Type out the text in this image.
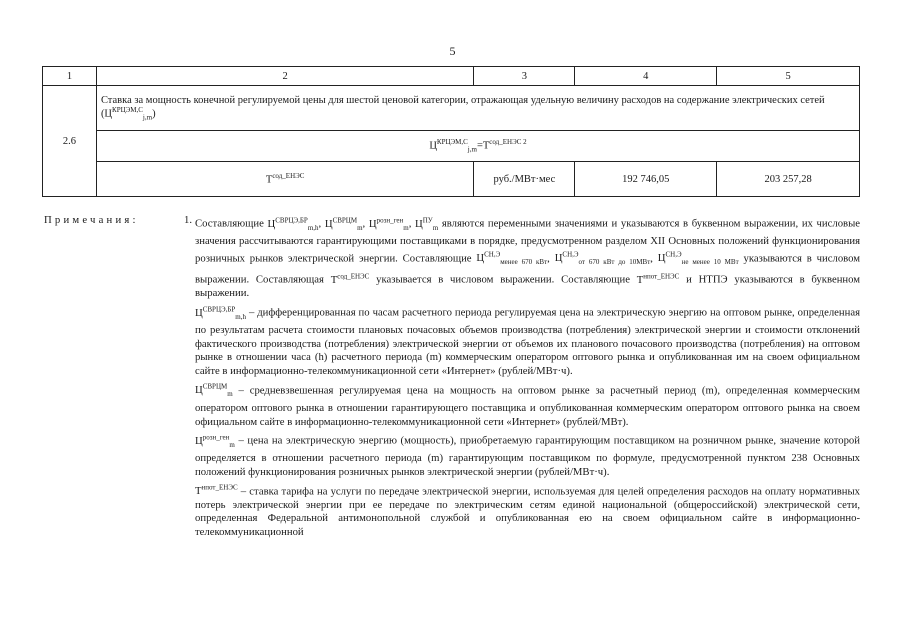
5
1	2	3	4	5
2.6	Ставка за мощность конечной регулируемой цены для шестой ценовой категории, отражающая удельную величину расходов на содержание электрических сетей $(Ц^{КРЦЭМ,С}_{j,m})$			
	$Ц^{КРЦЭМ,С}_{j,m}=Т^{сод\_ЕНЭС 2}$
	$Т^{сод\_ЕНЭС}$	руб./МВт·мес	192 746,05	203 257,28
Примечания:	1. Составляющие $Ц^{СВРЦЭ,БР}_{m,h}$, $Ц^{СВРЦМ}_m$, $Ц^{розн\_ген}_m$, $Ц^{ПУ}_m$ являются переменными значениями и указываются в буквенном выражении, их числовые значения рассчитываются гарантирующими поставщиками в порядке, предусмотренном разделом XII Основных положений функционирования розничных рынков электрической энергии. Составляющие $Ц^{СН,Э}_{менее 670 кВт}$, $Ц^{СН,Э}_{от 670 кВт до 10МВт}$, $Ц^{СН,Э}_{не менее 10 МВт}$ указываются в числовом выражении. Составляющая $Т^{сод\_ЕНЭС}$ указывается в числовом выражении. Составляющие $Т^{нпот\_ЕНЭС}$ и НТПЭ указываются в буквенном выражении.

$Ц^{СВРЦЭ,БР}_{m,h}$ – дифференцированная по часам расчетного периода регулируемая цена на электрическую энергию на оптовом рынке, определенная по результатам расчета стоимости плановых почасовых объемов производства (потребления) электрической энергии и стоимости отклонений фактического производства (потребления) электрической энергии от объемов их планового почасового производства (потребления) на оптовом рынке в отношении часа (h) расчетного периода (m) коммерческим оператором оптового рынка и опубликованная им на своем официальном сайте в информационно-телекоммуникационной сети «Интернет» (рублей/МВт·ч).

$Ц^{СВРЦМ}_m$ – средневзвешенная регулируемая цена на мощность на оптовом рынке за расчетный период (m), определенная коммерческим оператором оптового рынка в отношении гарантирующего поставщика и опубликованная коммерческим оператором оптового рынка на своем официальном сайте в информационно-телекоммуникационной сети «Интернет» (рублей/МВт).

$Ц^{розн\_ген}_m$ – цена на электрическую энергию (мощность), приобретаемую гарантирующим поставщиком на розничном рынке, значение которой определяется в отношении расчетного периода (m) гарантирующим поставщиком по формуле, предусмотренной пунктом 238 Основных положений функционирования розничных рынков электрической энергии (рублей/МВт·ч).

$Т^{нпот\_ЕНЭС}$ – ставка тарифа на услуги по передаче электрической энергии, используемая для целей определения расходов на оплату нормативных потерь электрической энергии при ее передаче по электрическим сетям единой национальной (общероссийской) электрической сети, определенная Федеральной антимонопольной службой и опубликованная ею на своем официальном сайте в информационно-телекоммуникационной
